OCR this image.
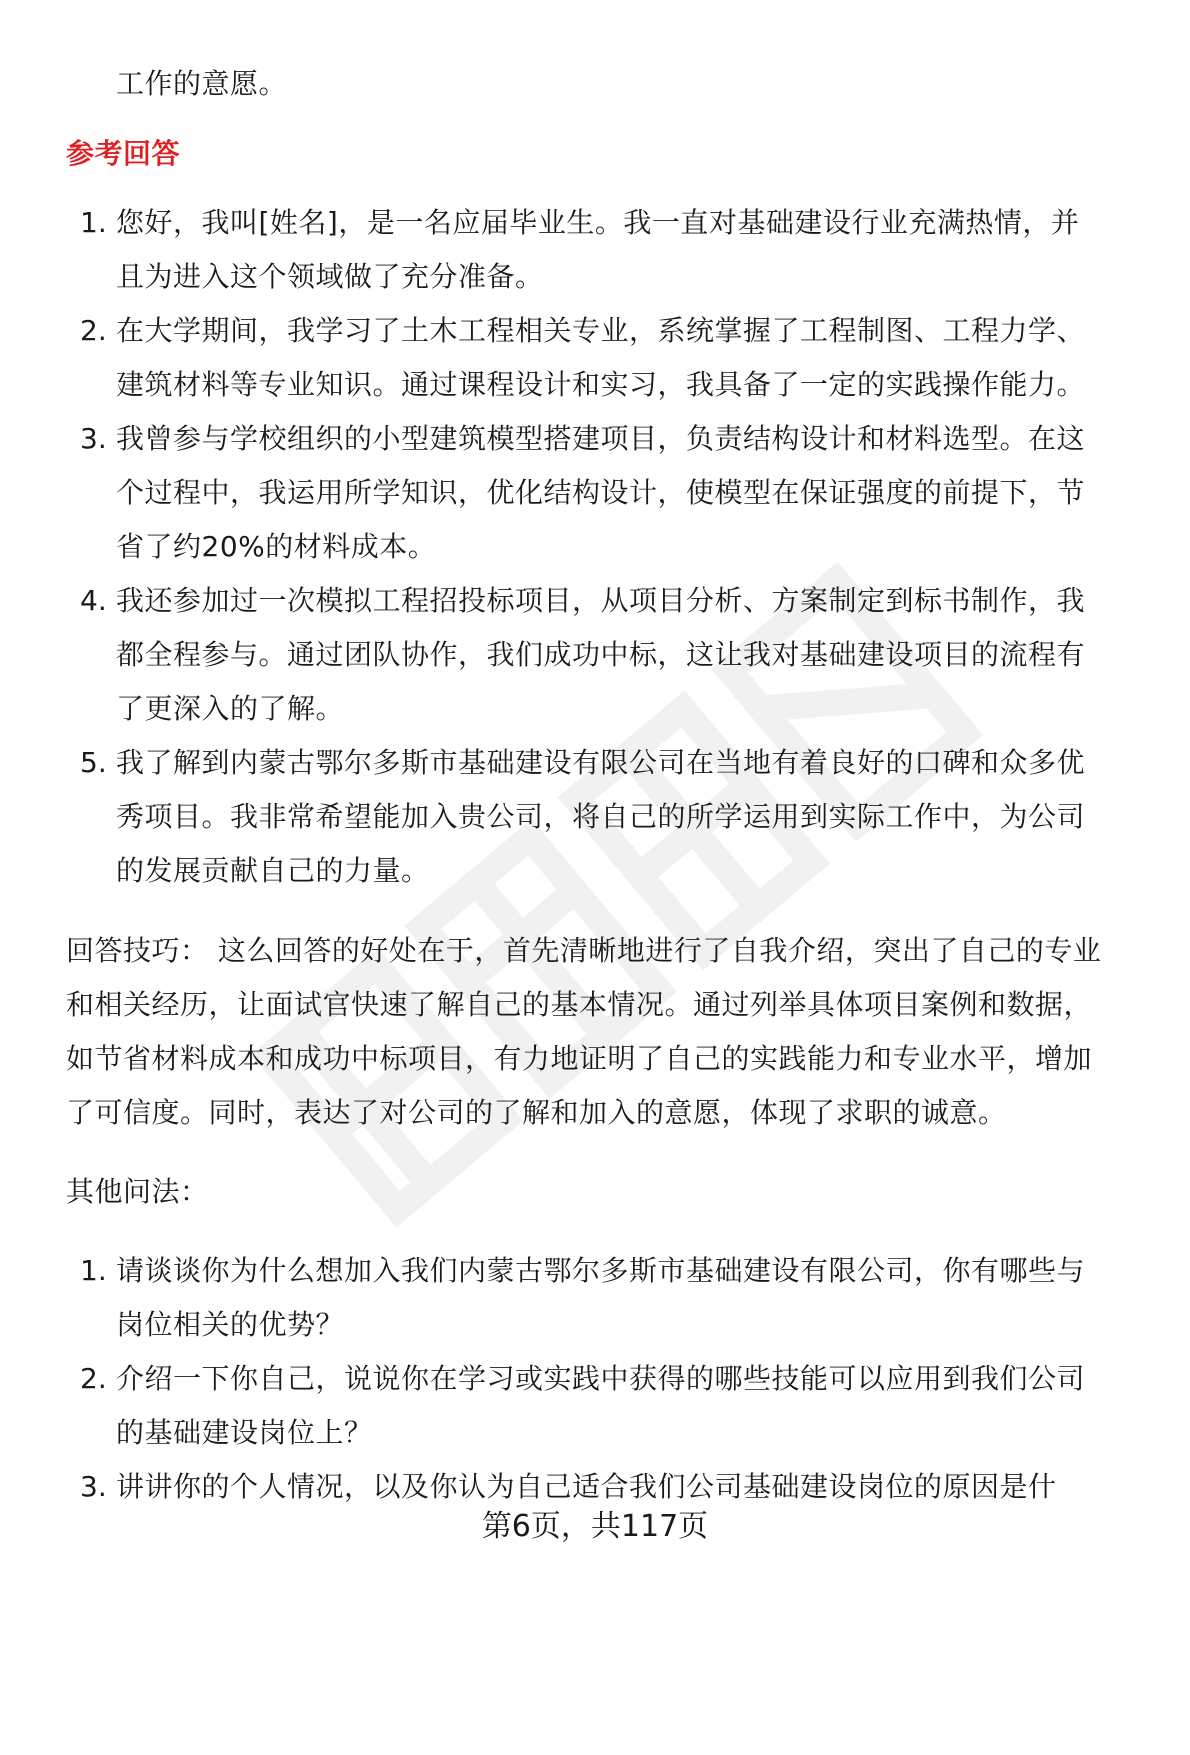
工作的意愿。
参考回答
1. 您好，我叫[姓名]，是一名应届毕业生。我一直对基础建设行业充满热情，并
且为进入这个领域做了充分准备。
2. 在大学期间，我学习了土木工程相关专业，系统掌握了工程制图、工程力学、
建筑材料等专业知识。通过课程设计和实习，我具备了一定的实践操作能力。
3. 我曾参与学校组织的小型建筑模型搭建项目，负责结构设计和材料选型。在这
个过程中，我运用所学知识，优化结构设计，使模型在保证强度的前提下，节
省了约20%的材料成本。
4. 我还参加过一次模拟工程招投标项目，从项目分析、方案制定到标书制作，我
都全程参与。通过团队协作，我们成功中标，这让我对基础建设项目的流程有
了更深入的了解。
5. 我了解到内蒙古鄂尔多斯市基础建设有限公司在当地有着良好的口碑和众多优
秀项目。我非常希望能加入贵公司，将自己的所学运用到实际工作中，为公司
的发展贡献自己的力量。
回答技巧： 这么回答的好处在于，首先清晰地进行了自我介绍，突出了自己的专业
和相关经历，让面试官快速了解自己的基本情况。通过列举具体项目案例和数据，
如节省材料成本和成功中标项目，有力地证明了自己的实践能力和专业水平，增加
了可信度。同时，表达了对公司的了解和加入的意愿，体现了求职的诚意。
其他问法：
1. 请谈谈你为什么想加入我们内蒙古鄂尔多斯市基础建设有限公司，你有哪些与
岗位相关的优势？
2. 介绍一下你自己，说说你在学习或实践中获得的哪些技能可以应用到我们公司
的基础建设岗位上？
3. 讲讲你的个人情况，以及你认为自己适合我们公司基础建设岗位的原因是什
第6页，共117页
